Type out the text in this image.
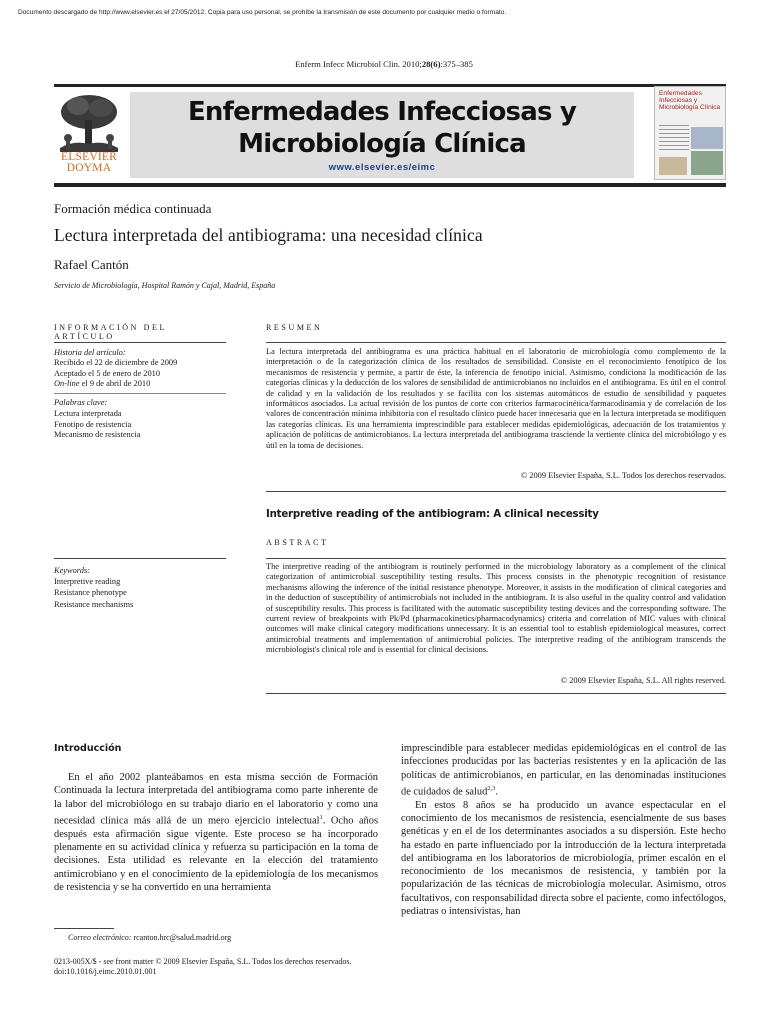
Documento descargado de http://www.elsevier.es el 27/05/2012. Copia para uso personal, se prohíbe la transmisión de este documento por cualquier medio o formato.
Enferm Infecc Microbiol Clin. 2010;28(6):375–385
ELSEVIER
DOYMA
Enfermedades Infecciosas y
Microbiología Clínica
www.elsevier.es/eimc
Enfermedades Infecciosas y Microbiología Clínica
Formación médica continuada
Lectura interpretada del antibiograma: una necesidad clínica
Rafael Cantón
Servicio de Microbiología, Hospital Ramón y Cajal, Madrid, España
INFORMACIÓN DEL ARTÍCULO
RESUMEN
Historia del artículo:
Recibido el 22 de diciembre de 2009
Aceptado el 5 de enero de 2010
On-line el 9 de abril de 2010
Palabras clave:
Lectura interpretada
Fenotipo de resistencia
Mecanismo de resistencia
La lectura interpretada del antibiograma es una práctica habitual en el laboratorio de microbiología como complemento de la interpretación o de la categorización clínica de los resultados de sensibilidad. Consiste en el reconocimiento fenotípico de los mecanismos de resistencia y permite, a partir de éste, la inferencia de fenotipo inicial. Asimismo, condiciona la modificación de las categorías clínicas y la deducción de los valores de sensibilidad de antimicrobianos no incluidos en el antibiograma. Es útil en el control de calidad y en la validación de los resultados y se facilita con los sistemas automáticos de estudio de sensibilidad y paquetes informáticos asociados. La actual revisión de los puntos de corte con criterios farmacocinética/farmacodinamia y de correlación de los valores de concentración mínima inhibitoria con el resultado clínico puede hacer innecesaria que en la lectura interpretada se modifiquen las categorías clínicas. Es una herramienta imprescindible para establecer medidas epidemiológicas, adecuación de los tratamientos y aplicación de políticas de antimicrobianos. La lectura interpretada del antibiograma trasciende la vertiente clínica del microbiólogo y es útil en la toma de decisiones.
© 2009 Elsevier España, S.L. Todos los derechos reservados.
Interpretive reading of the antibiogram: A clinical necessity
ABSTRACT
Keywords:
Interpretive reading
Resistance phenotype
Resistance mechanisms
The interpretive reading of the antibiogram is routinely performed in the microbiology laboratory as a complement of the clinical categorization of antimicrobial susceptibility testing results. This process consists in the phenotypic recognition of resistance mechanisms allowing the inference of the initial resistance phenotype. Moreover, it assists in the modification of clinical categories and in the deduction of susceptibility of antimicrobials not included in the antibiogram. It is also useful in the quality control and validation of susceptibility results. This process is facilitated with the automatic susceptibility testing devices and the corresponding software. The current review of breakpoints with Pk/Pd (pharmacokinetics/pharmacodynamics) criteria and correlation of MIC values with clinical outcomes will make clinical category modifications unnecessary. It is an essential tool to establish epidemiological measures, correct antimicrobial treatments and implementation of antimicrobial policies. The interpretive reading of the antibiogram transcends the microbiologist's clinical role and is essential for clinical decisions.
© 2009 Elsevier España, S.L. All rights reserved.
Introducción

En el año 2002 planteábamos en esta misma sección de Formación Continuada la lectura interpretada del antibiograma como parte inherente de la labor del microbiólogo en su trabajo diario en el laboratorio y como una necesidad clínica más allá de un mero ejercicio intelectual$^1$. Ocho años después esta afirmación sigue vigente. Este proceso se ha incorporado plenamente en su actividad clínica y refuerza su participación en la toma de decisiones. Esta utilidad es relevante en la elección del tratamiento antimicrobiano y en el conocimiento de la epidemiología de los mecanismos de resistencia y se ha convertido en una herramienta

imprescindible para establecer medidas epidemiológicas en el control de las infecciones producidas por las bacterias resistentes y en la aplicación de las políticas de antimicrobianos, en particular, en las denominadas instituciones de cuidados de salud$^{2,3}$.

En estos 8 años se ha producido un avance espectacular en el conocimiento de los mecanismos de resistencia, esencialmente de sus bases genéticas y en el de los determinantes asociados a su dispersión. Este hecho ha estado en parte influenciado por la introducción de la lectura interpretada del antibiograma en los laboratorios de microbiología, primer escalón en el reconocimiento de los mecanismos de resistencia, y también por la popularización de las técnicas de microbiología molecular. Asimismo, otros facultativos, con responsabilidad directa sobre el paciente, como infectólogos, pediatras o intensivistas, han

Correo electrónico: rcanton.hrc@salud.madrid.org
0213-005X/$ - see front matter © 2009 Elsevier España, S.L. Todos los derechos reservados.
doi:10.1016/j.eimc.2010.01.001
